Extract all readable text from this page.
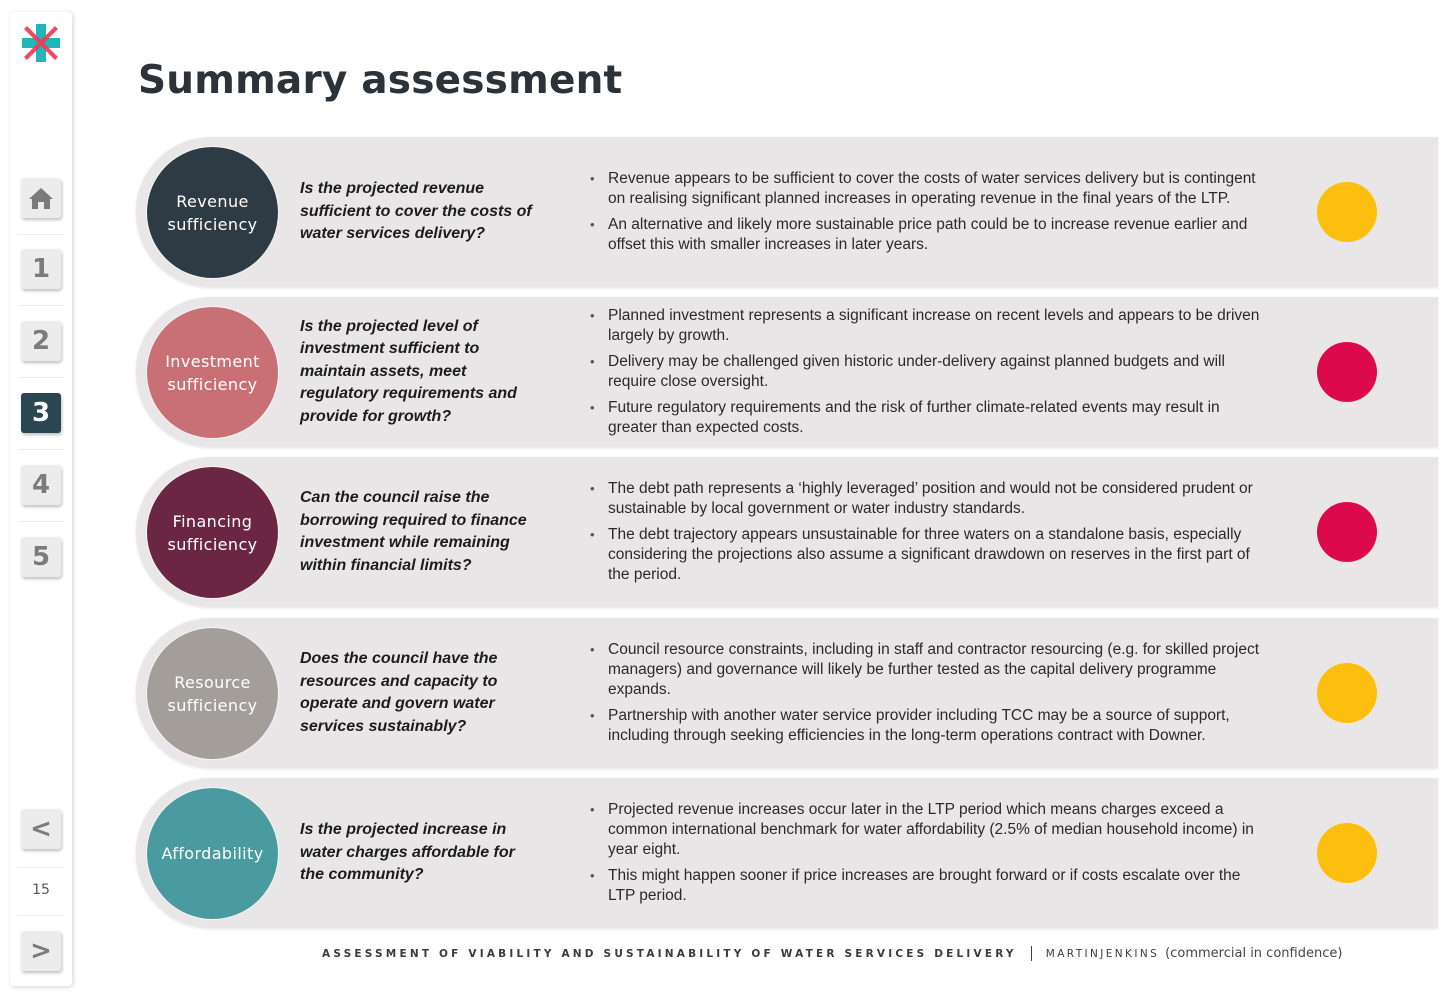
1
2
3
4
5
<
15
>
Summary assessment
Revenue sufficiency
Is the projected revenue sufficient to cover the costs of water services delivery?
• Revenue appears to be sufficient to cover the costs of water services delivery but is contingent on realising significant planned increases in operating revenue in the final years of the LTP.
• An alternative and likely more sustainable price path could be to increase revenue earlier and offset this with smaller increases in later years.
Investment sufficiency
Is the projected level of investment sufficient to maintain assets, meet regulatory requirements and provide for growth?
• Planned investment represents a significant increase on recent levels and appears to be driven largely by growth.
• Delivery may be challenged given historic under-delivery against planned budgets and will require close oversight.
• Future regulatory requirements and the risk of further climate-related events may result in greater than expected costs.
Financing sufficiency
Can the council raise the borrowing required to finance investment while remaining within financial limits?
• The debt path represents a ‘highly leveraged’ position and would not be considered prudent or sustainable by local government or water industry standards.
• The debt trajectory appears unsustainable for three waters on a standalone basis, especially considering the projections also assume a significant drawdown on reserves in the first part of the period.
Resource sufficiency
Does the council have the resources and capacity to operate and govern water services sustainably?
• Council resource constraints, including in staff and contractor resourcing (e.g. for skilled project managers) and governance will likely be further tested as the capital delivery programme expands.
• Partnership with another water service provider including TCC may be a source of support, including through seeking efficiencies in the long-term operations contract with Downer.
Affordability
Is the projected increase in water charges affordable for the community?
• Projected revenue increases occur later in the LTP period which means charges exceed a common international benchmark for water affordability (2.5% of median household income) in year eight.
• This might happen sooner if price increases are brought forward or if costs escalate over the LTP period.
ASSESSMENT OF VIABILITY AND SUSTAINABILITY OF WATER SERVICES DELIVERY	MARTINJENKINS (commercial in confidence)
